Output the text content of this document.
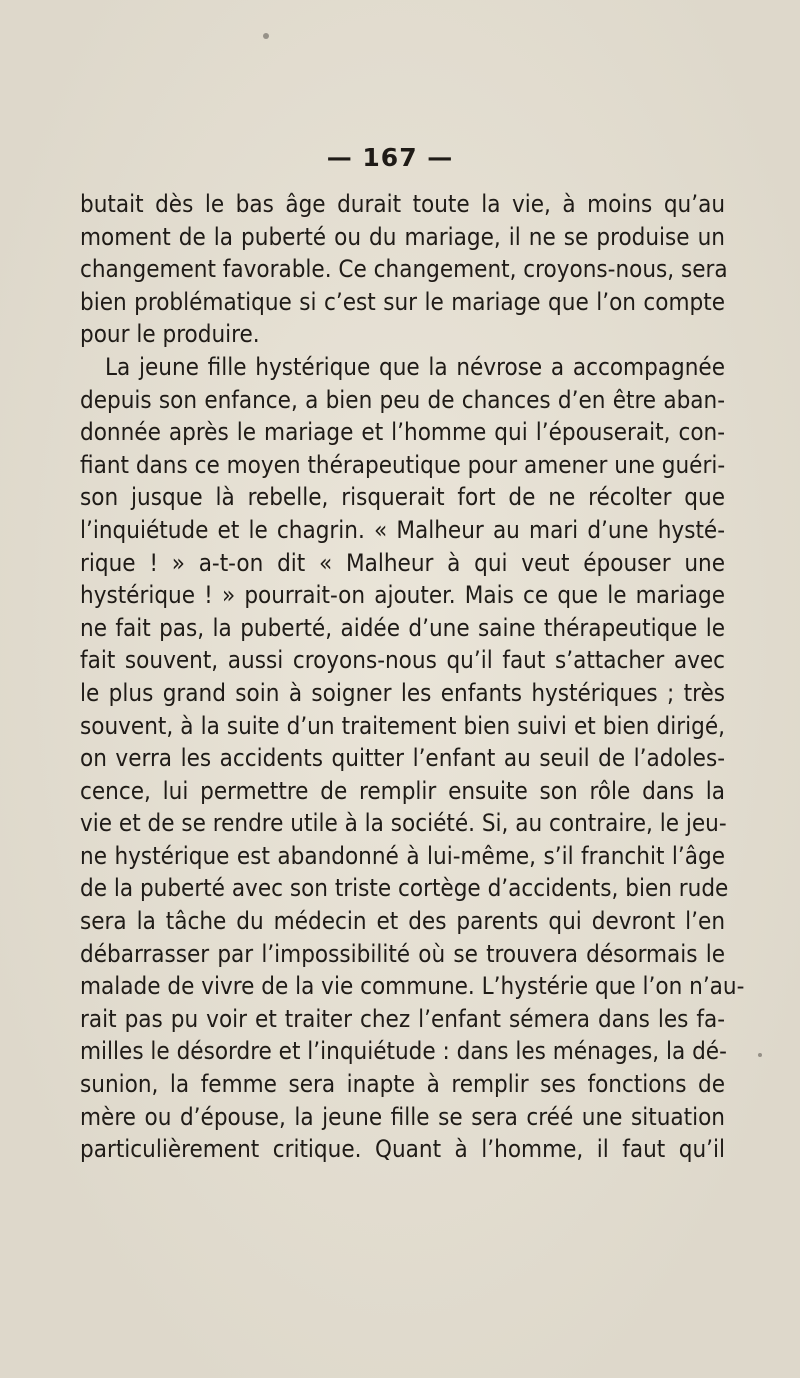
— 167 —
butait dès le bas âge durait toute la vie, à moins qu’au
moment de la puberté ou du mariage, il ne se produise un
changement favorable. Ce changement, croyons-nous, sera
bien problématique si c’est sur le mariage que l’on compte
pour le produire.
La jeune fille hystérique que la névrose a accompagnée
depuis son enfance, a bien peu de chances d’en être aban-
donnée après le mariage et l’homme qui l’épouserait, con-
fiant dans ce moyen thérapeutique pour amener une guéri-
son jusque là rebelle, risquerait fort de ne récolter que
l’inquiétude et le chagrin. « Malheur au mari d’une hysté-
rique ! » a-t-on dit « Malheur à qui veut épouser une
hystérique ! » pourrait-on ajouter. Mais ce que le mariage
ne fait pas, la puberté, aidée d’une saine thérapeutique le
fait souvent, aussi croyons-nous qu’il faut s’attacher avec
le plus grand soin à soigner les enfants hystériques ; très
souvent, à la suite d’un traitement bien suivi et bien dirigé,
on verra les accidents quitter l’enfant au seuil de l’adoles-
cence, lui permettre de remplir ensuite son rôle dans la
vie et de se rendre utile à la société. Si, au contraire, le jeu-
ne hystérique est abandonné à lui-même, s’il franchit l’âge
de la puberté avec son triste cortège d’accidents, bien rude
sera la tâche du médecin et des parents qui devront l’en
débarrasser par l’impossibilité où se trouvera désormais le
malade de vivre de la vie commune. L’hystérie que l’on n’au-
rait pas pu voir et traiter chez l’enfant sémera dans les fa-
milles le désordre et l’inquiétude : dans les ménages, la dé-
sunion, la femme sera inapte à remplir ses fonctions de
mère ou d’épouse, la jeune fille se sera créé une situation
particulièrement critique. Quant à l’homme, il faut qu’il
